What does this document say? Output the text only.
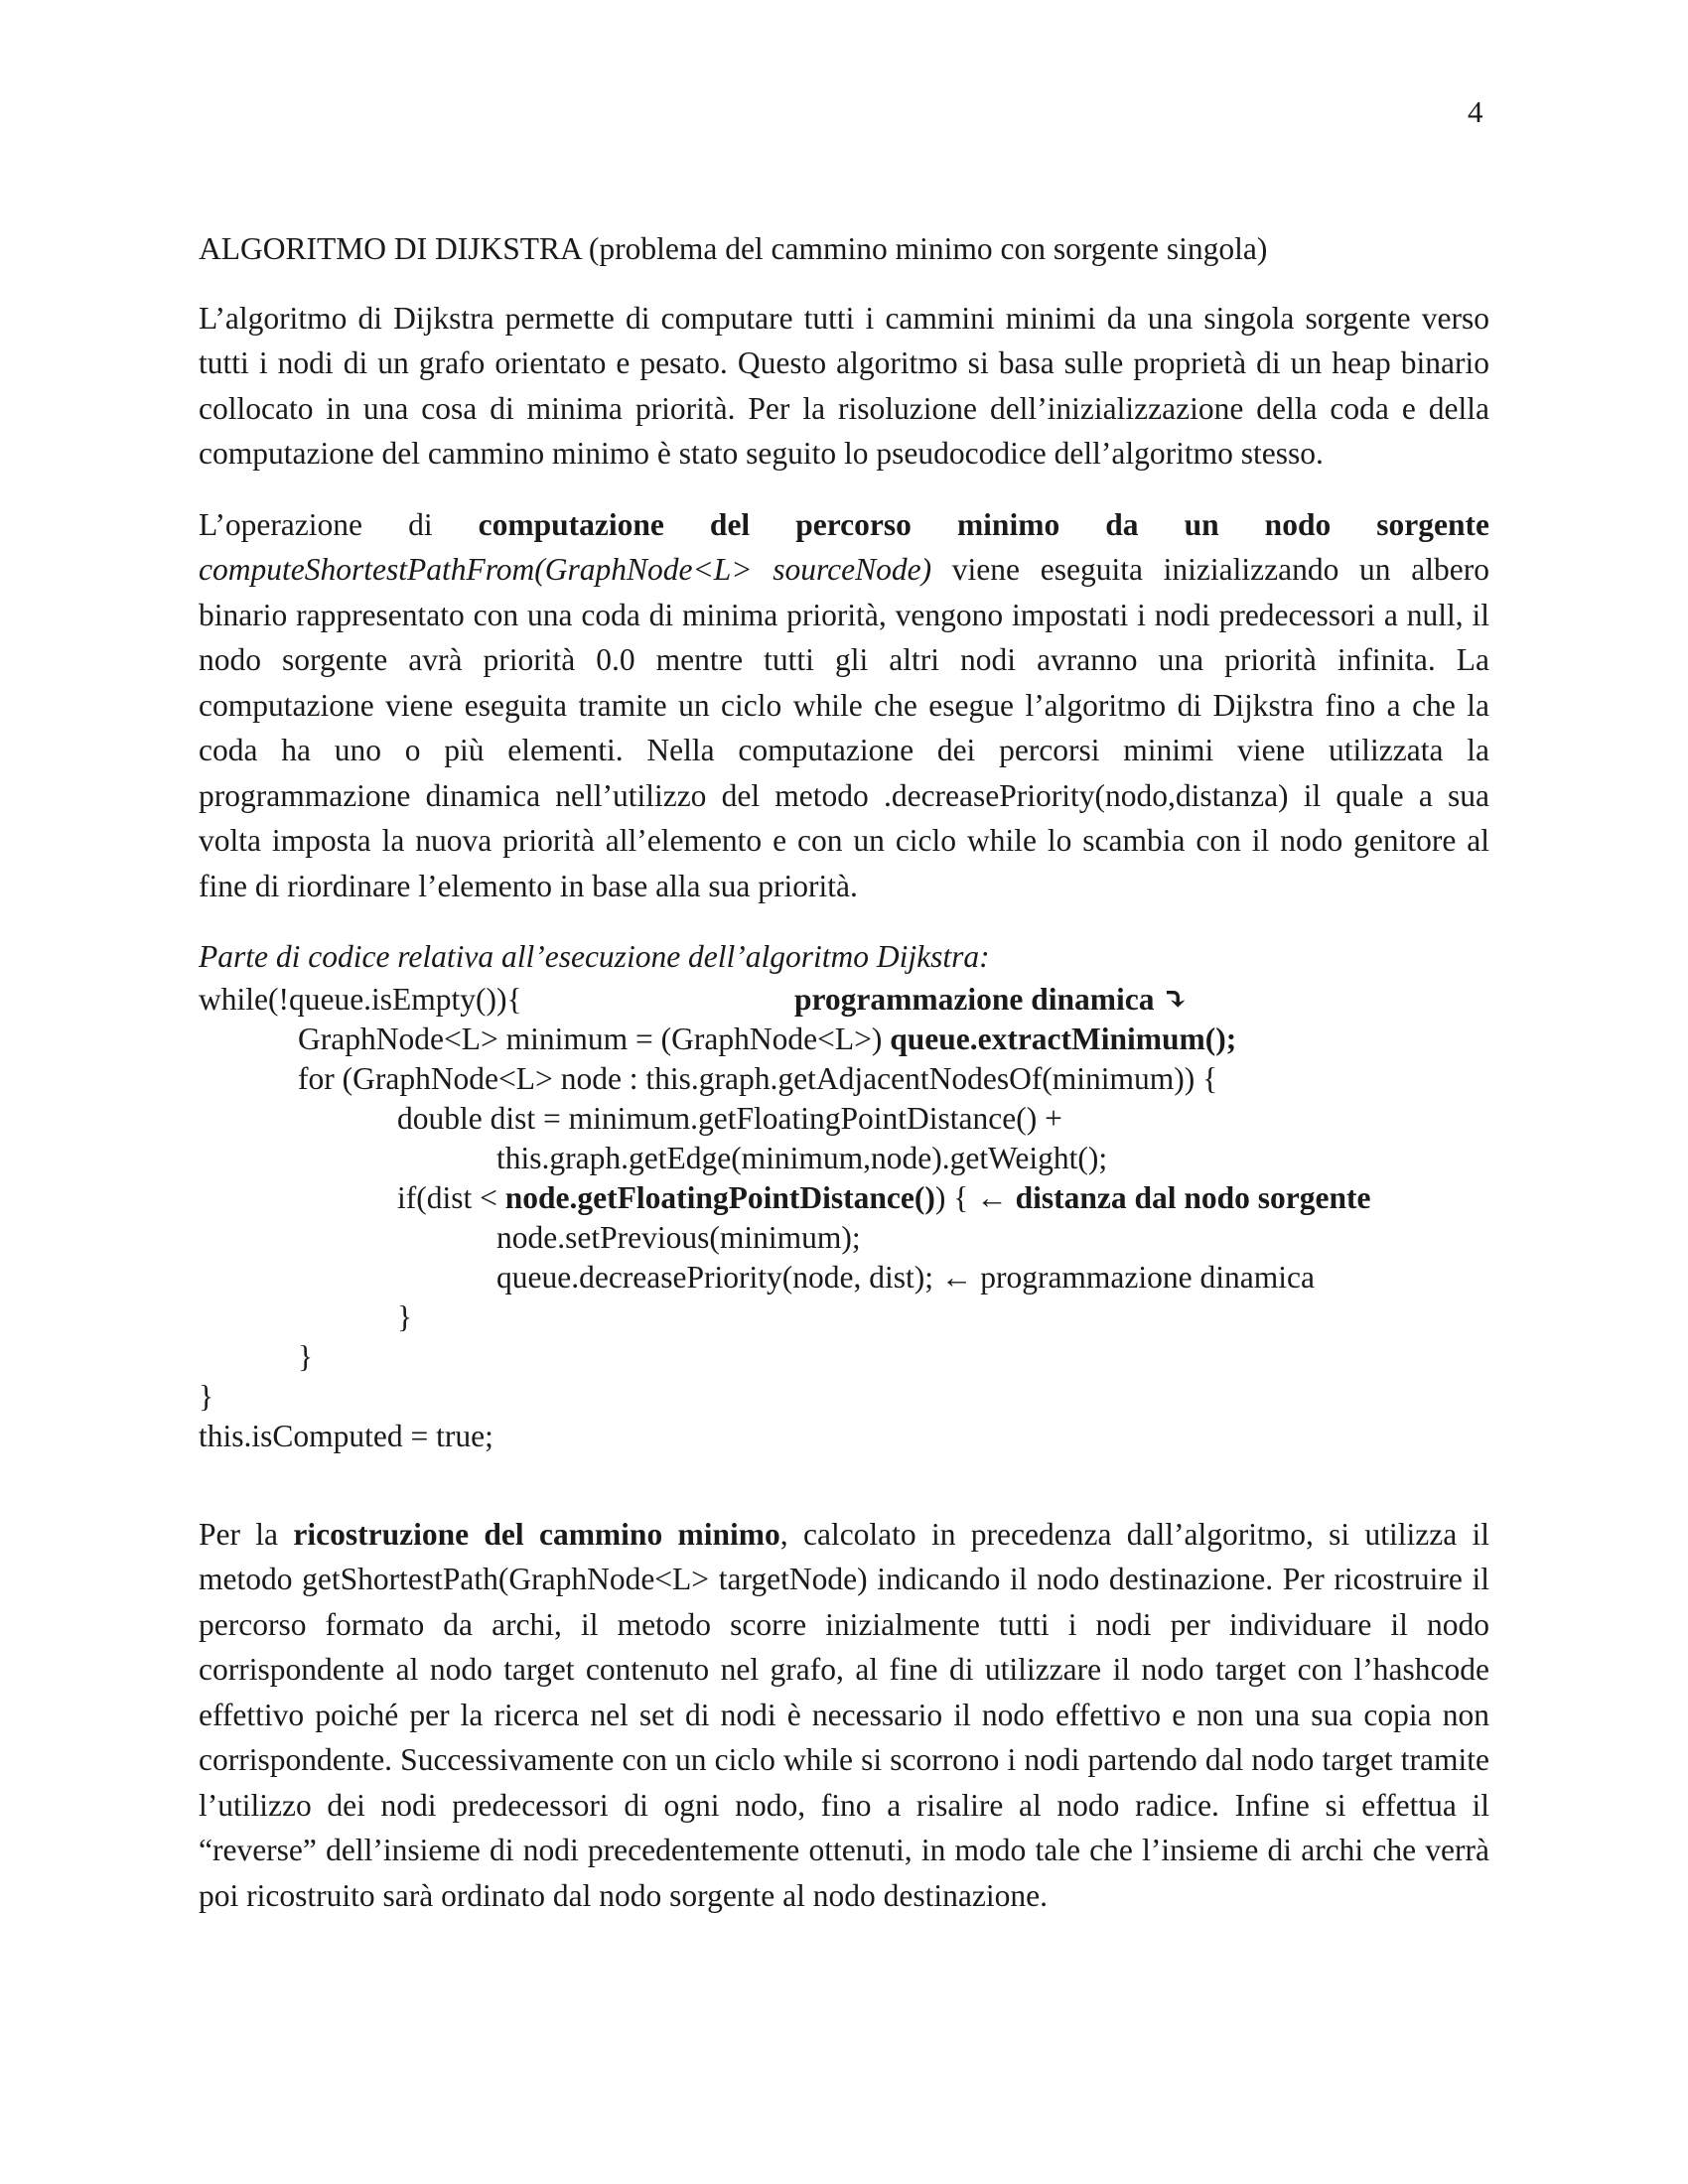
4

ALGORITMO DI DIJKSTRA (problema del cammino minimo con sorgente singola)

L’algoritmo di Dijkstra permette di computare tutti i cammini minimi da una singola sorgente verso tutti i nodi di un grafo orientato e pesato. Questo algoritmo si basa sulle proprietà di un heap binario collocato in una cosa di minima priorità. Per la risoluzione dell’inizializzazione della coda e della computazione del cammino minimo è stato seguito lo pseudocodice dell’algoritmo stesso.

L’operazione di computazione del percorso minimo da un nodo sorgente computeShortestPathFrom(GraphNode<L> sourceNode) viene eseguita inizializzando un albero binario rappresentato con una coda di minima priorità, vengono impostati i nodi predecessori a null, il nodo sorgente avrà priorità 0.0 mentre tutti gli altri nodi avranno una priorità infinita. La computazione viene eseguita tramite un ciclo while che esegue l’algoritmo di Dijkstra fino a che la coda ha uno o più elementi. Nella computazione dei percorsi minimi viene utilizzata la programmazione dinamica nell’utilizzo del metodo .decreasePriority(nodo,distanza) il quale a sua volta imposta la nuova priorità all’elemento e con un ciclo while lo scambia con il nodo genitore al fine di riordinare l’elemento in base alla sua priorità.

Parte di codice relativa all’esecuzione dell’algoritmo Dijkstra:

while(!queue.isEmpty()){	programmazione dinamica ⤵
GraphNode<L> minimum = (GraphNode<L>) queue.extractMinimum();
for (GraphNode<L> node : this.graph.getAdjacentNodesOf(minimum)) {
double dist = minimum.getFloatingPointDistance() +
this.graph.getEdge(minimum,node).getWeight();
if(dist < node.getFloatingPointDistance()) { ← distanza dal nodo sorgente
node.setPrevious(minimum);
queue.decreasePriority(node, dist); ← programmazione dinamica
}
}
}
this.isComputed = true;

Per la ricostruzione del cammino minimo, calcolato in precedenza dall’algoritmo, si utilizza il metodo getShortestPath(GraphNode<L> targetNode) indicando il nodo destinazione. Per ricostruire il percorso formato da archi, il metodo scorre inizialmente tutti i nodi per individuare il nodo corrispondente al nodo target contenuto nel grafo, al fine di utilizzare il nodo target con l’hashcode effettivo poiché per la ricerca nel set di nodi è necessario il nodo effettivo e non una sua copia non corrispondente. Successivamente con un ciclo while si scorrono i nodi partendo dal nodo target tramite l’utilizzo dei nodi predecessori di ogni nodo, fino a risalire al nodo radice. Infine si effettua il “reverse” dell’insieme di nodi precedentemente ottenuti, in modo tale che l’insieme di archi che verrà poi ricostruito sarà ordinato dal nodo sorgente al nodo destinazione.
